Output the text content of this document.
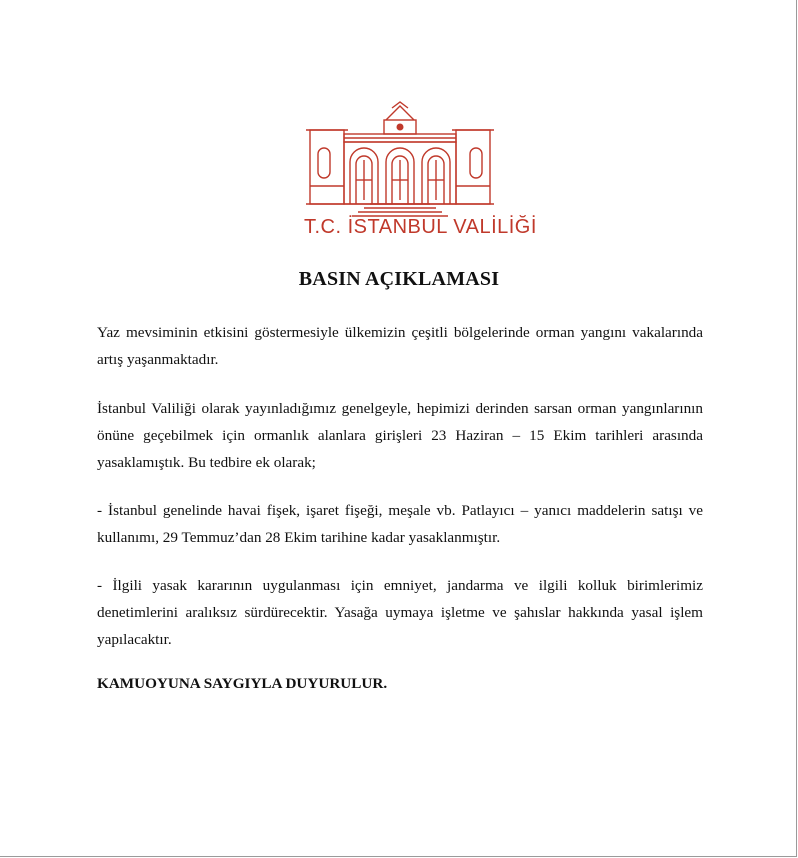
T.C. İSTANBUL VALİLİĞİ
BASIN AÇIKLAMASI
Yaz mevsiminin etkisini göstermesiyle ülkemizin çeşitli bölgelerinde orman yangını vakalarında artış yaşanmaktadır.
İstanbul Valiliği olarak yayınladığımız genelgeyle, hepimizi derinden sarsan orman yangınlarının önüne geçebilmek için ormanlık alanlara girişleri 23 Haziran – 15 Ekim tarihleri arasında yasaklamıştık. Bu tedbire ek olarak;
- İstanbul genelinde havai fişek, işaret fişeği, meşale vb. Patlayıcı – yanıcı maddelerin satışı ve kullanımı, 29 Temmuz’dan 28 Ekim tarihine kadar yasaklanmıştır.
- İlgili yasak kararının uygulanması için emniyet, jandarma ve ilgili kolluk birimlerimiz denetimlerini aralıksız sürdürecektir. Yasağa uymaya işletme ve şahıslar hakkında yasal işlem yapılacaktır.
KAMUOYUNA SAYGIYLA DUYURULUR.
